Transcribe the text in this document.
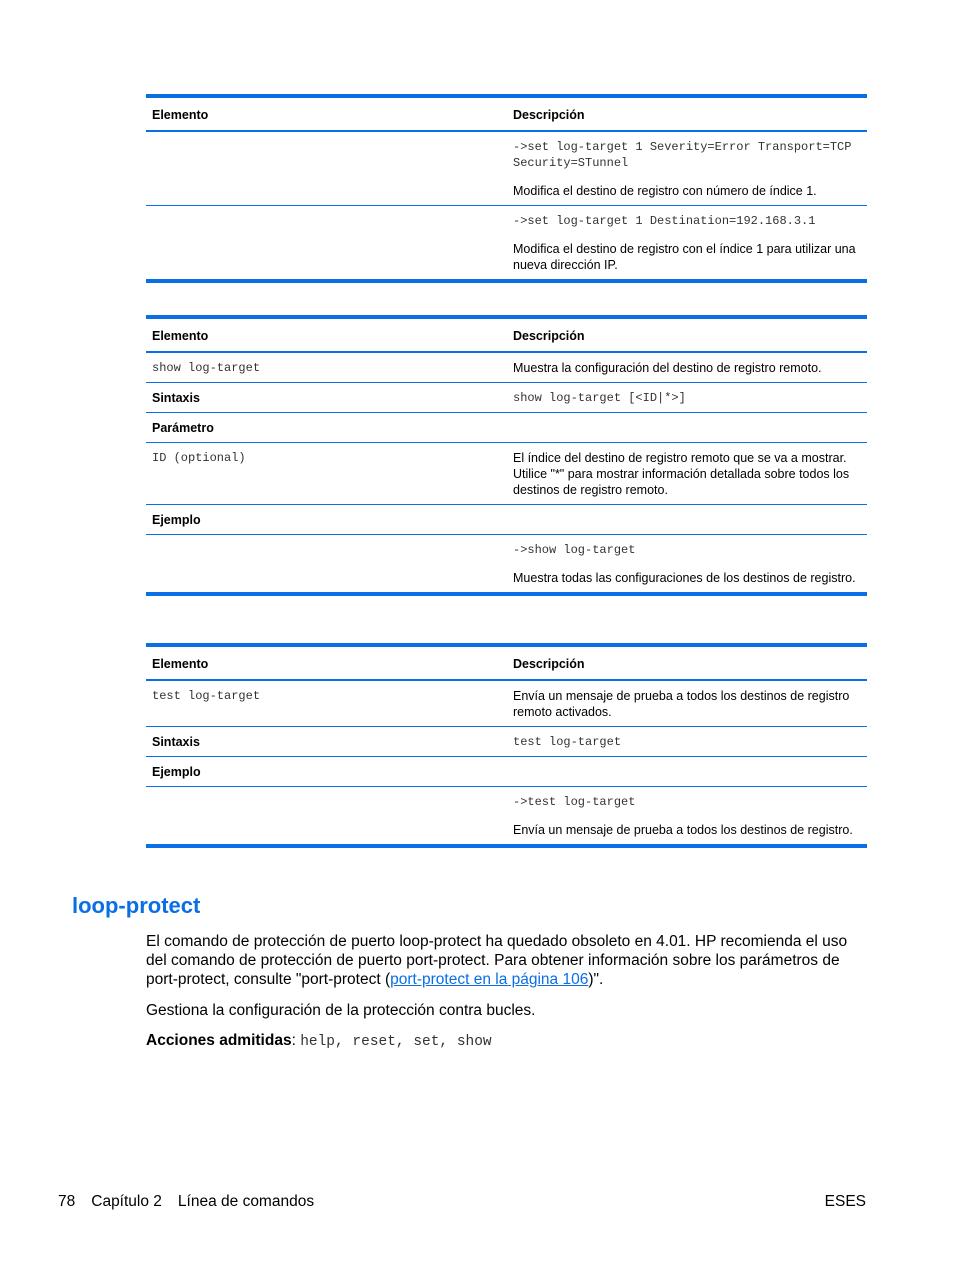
Elemento	Descripción

	->set log-target 1 Severity=Error Transport=TCP Security=STunnel
Modifica el destino de registro con número de índice 1.

	->set log-target 1 Destination=192.168.3.1
Modifica el destino de registro con el índice 1 para utilizar una nueva dirección IP.
Elemento	Descripción
show log-target	Muestra la configuración del destino de registro remoto.
Sintaxis	show log-target [<ID|*>]
Parámetro	
ID (optional)	El índice del destino de registro remoto que se va a mostrar. Utilice "*" para mostrar información detallada sobre todos los destinos de registro remoto.
Ejemplo	

	->show log-target
Muestra todas las configuraciones de los destinos de registro.
Elemento	Descripción
test log-target	Envía un mensaje de prueba a todos los destinos de registro remoto activados.
Sintaxis	test log-target
Ejemplo	

	->test log-target
Envía un mensaje de prueba a todos los destinos de registro.
loop-protect

El comando de protección de puerto loop-protect ha quedado obsoleto en 4.01. HP recomienda el uso del comando de protección de puerto port-protect. Para obtener información sobre los parámetros de port-protect, consulte "port-protect (port-protect en la página 106)".

Gestiona la configuración de la protección contra bucles.

Acciones admitidas: help, reset, set, show

78 Capítulo 2 Línea de comandos	ESES
